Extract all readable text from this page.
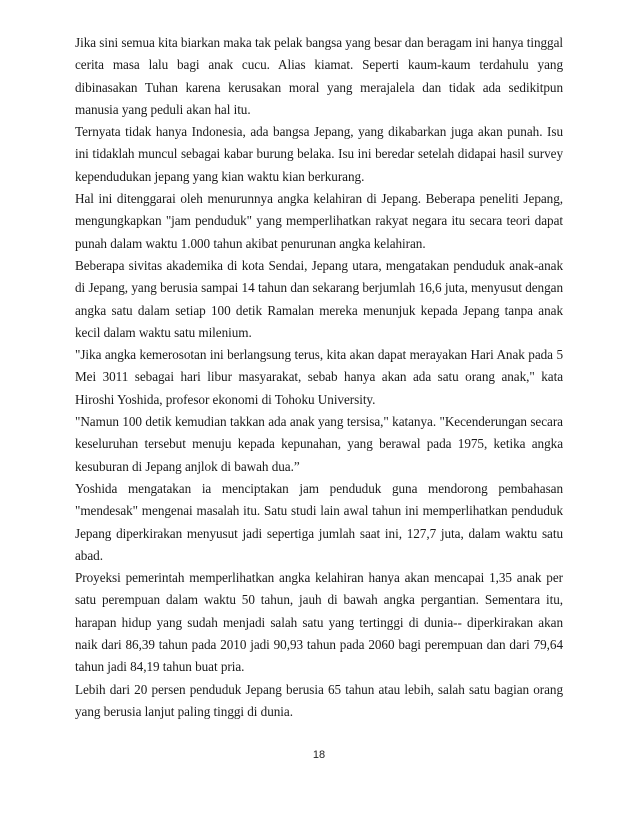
Jika sini semua kita biarkan maka tak pelak bangsa yang besar dan beragam ini hanya tinggal cerita masa lalu bagi anak cucu. Alias kiamat. Seperti kaum-kaum terdahulu yang dibinasakan Tuhan karena kerusakan moral yang merajalela dan tidak ada sedikitpun manusia yang peduli akan hal itu.

Ternyata tidak hanya Indonesia, ada bangsa Jepang, yang dikabarkan juga akan punah. Isu ini tidaklah muncul sebagai kabar burung belaka. Isu ini beredar setelah didapai hasil survey kependudukan jepang yang kian waktu kian berkurang.

Hal ini ditenggarai oleh menurunnya angka kelahiran di Jepang. Beberapa peneliti Jepang, mengungkapkan "jam penduduk" yang memperlihatkan rakyat negara itu secara teori dapat punah dalam waktu 1.000 tahun akibat penurunan angka kelahiran.

Beberapa sivitas akademika di kota Sendai, Jepang utara, mengatakan penduduk anak-anak di Jepang, yang berusia sampai 14 tahun dan sekarang berjumlah 16,6 juta, menyusut dengan angka satu dalam setiap 100 detik Ramalan mereka menunjuk kepada Jepang tanpa anak kecil dalam waktu satu milenium.

"Jika angka kemerosotan ini berlangsung terus, kita akan dapat merayakan Hari Anak pada 5 Mei 3011 sebagai hari libur masyarakat, sebab hanya akan ada satu orang anak," kata Hiroshi Yoshida, profesor ekonomi di Tohoku University.

"Namun 100 detik kemudian takkan ada anak yang tersisa," katanya. "Kecenderungan secara keseluruhan tersebut menuju kepada kepunahan, yang berawal pada 1975, ketika angka kesuburan di Jepang anjlok di bawah dua.”

Yoshida mengatakan ia menciptakan jam penduduk guna mendorong pembahasan "mendesak" mengenai masalah itu. Satu studi lain awal tahun ini memperlihatkan penduduk Jepang diperkirakan menyusut jadi sepertiga jumlah saat ini, 127,7 juta, dalam waktu satu abad.

Proyeksi pemerintah memperlihatkan angka kelahiran hanya akan mencapai 1,35 anak per satu perempuan dalam waktu 50 tahun, jauh di bawah angka pergantian. Sementara itu, harapan hidup yang sudah menjadi salah satu yang tertinggi di dunia-- diperkirakan akan naik dari 86,39 tahun pada 2010 jadi 90,93 tahun pada 2060 bagi perempuan dan dari 79,64 tahun jadi 84,19 tahun buat pria.

Lebih dari 20 persen penduduk Jepang berusia 65 tahun atau lebih, salah satu bagian orang yang berusia lanjut paling tinggi di dunia.

18
